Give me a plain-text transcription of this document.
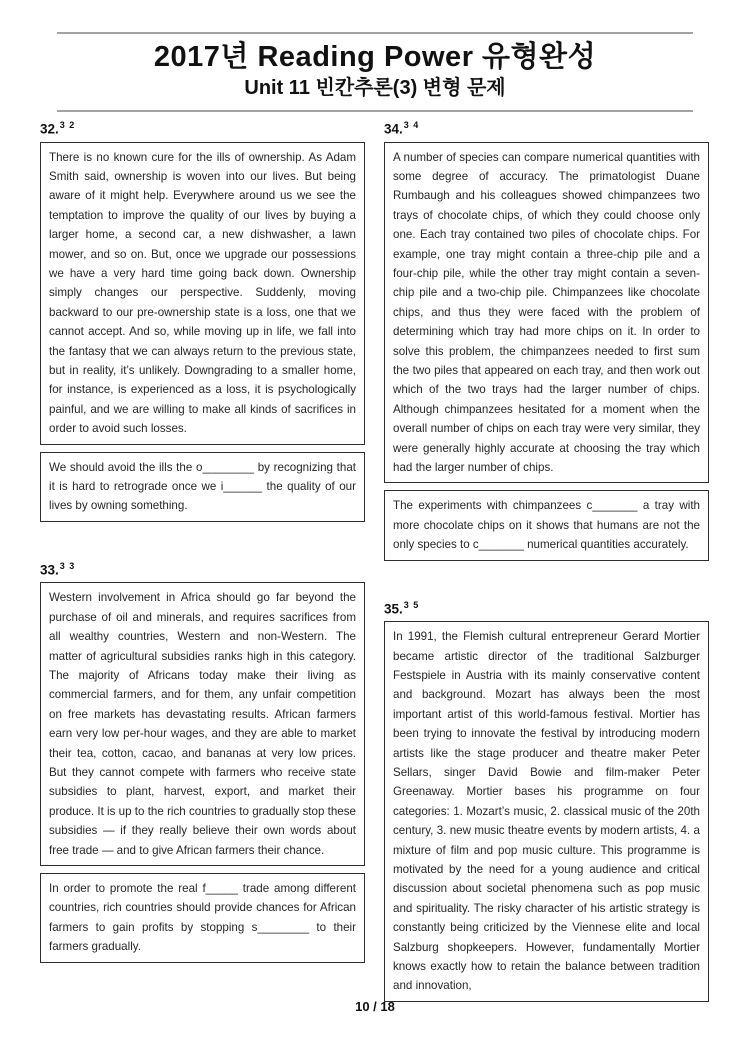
2017년 Reading Power 유형완성
Unit 11 빈칸추론(3) 변형 문제
32.$^{3 2}$

There is no known cure for the ills of ownership. As Adam Smith said, ownership is woven into our lives. But being aware of it might help. Everywhere around us we see the temptation to improve the quality of our lives by buying a larger home, a second car, a new dishwasher, a lawn mower, and so on. But, once we upgrade our possessions we have a very hard time going back down. Ownership simply changes our perspective. Suddenly, moving backward to our pre-ownership state is a loss, one that we cannot accept. And so, while moving up in life, we fall into the fantasy that we can always return to the previous state, but in reality, it’s unlikely. Downgrading to a smaller home, for instance, is experienced as a loss, it is psychologically painful, and we are willing to make all kinds of sacrifices in order to avoid such losses.

We should avoid the ills the o________ by recognizing that it is hard to retrograde once we i______ the quality of our lives by owning something.

33.$^{3 3}$

Western involvement in Africa should go far beyond the purchase of oil and minerals, and requires sacrifices from all wealthy countries, Western and non-Western. The matter of agricultural subsidies ranks high in this category. The majority of Africans today make their living as commercial farmers, and for them, any unfair competition on free markets has devastating results. African farmers earn very low per-hour wages, and they are able to market their tea, cotton, cacao, and bananas at very low prices. But they cannot compete with farmers who receive state subsidies to plant, harvest, export, and market their produce. It is up to the rich countries to gradually stop these subsidies — if they really believe their own words about free trade — and to give African farmers their chance.

In order to promote the real f_____ trade among different countries, rich countries should provide chances for African farmers to gain profits by stopping s________ to their farmers gradually.

34.$^{3 4}$

A number of species can compare numerical quantities with some degree of accuracy. The primatologist Duane Rumbaugh and his colleagues showed chimpanzees two trays of chocolate chips, of which they could choose only one. Each tray contained two piles of chocolate chips. For example, one tray might contain a three-chip pile and a four-chip pile, while the other tray might contain a seven-chip pile and a two-chip pile. Chimpanzees like chocolate chips, and thus they were faced with the problem of determining which tray had more chips on it. In order to solve this problem, the chimpanzees needed to first sum the two piles that appeared on each tray, and then work out which of the two trays had the larger number of chips. Although chimpanzees hesitated for a moment when the overall number of chips on each tray were very similar, they were generally highly accurate at choosing the tray which had the larger number of chips.

The experiments with chimpanzees c_______ a tray with more chocolate chips on it shows that humans are not the only species to c_______ numerical quantities accurately.

35.$^{3 5}$

In 1991, the Flemish cultural entrepreneur Gerard Mortier became artistic director of the traditional Salzburger Festspiele in Austria with its mainly conservative content and background. Mozart has always been the most important artist of this world-famous festival. Mortier has been trying to innovate the festival by introducing modern artists like the stage producer and theatre maker Peter Sellars, singer David Bowie and film-maker Peter Greenaway. Mortier bases his programme on four categories: 1. Mozart’s music, 2. classical music of the 20th century, 3. new music theatre events by modern artists, 4. a mixture of film and pop music culture. This programme is motivated by the need for a young audience and critical discussion about societal phenomena such as pop music and spirituality. The risky character of his artistic strategy is constantly being criticized by the Viennese elite and local Salzburg shopkeepers. However, fundamentally Mortier knows exactly how to retain the balance between tradition and innovation,

10 / 18
